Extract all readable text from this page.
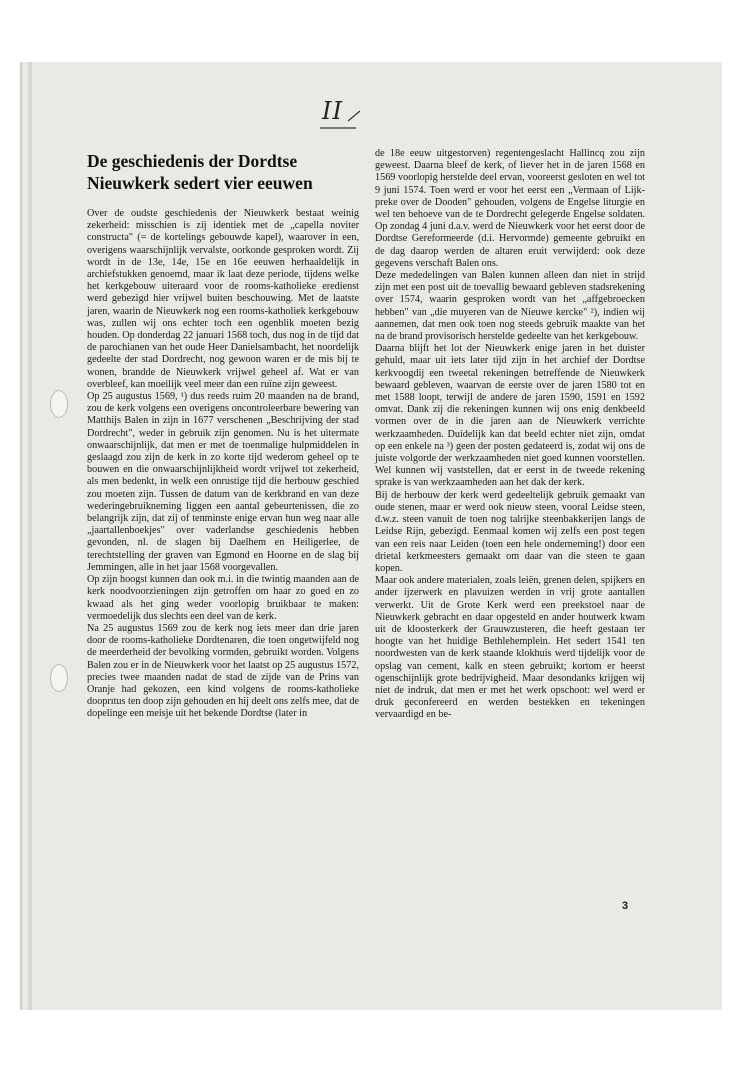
II
De geschiedenis der Dordtse
Nieuwkerk sedert vier eeuwen

Over de oudste geschiedenis der Nieuwkerk bestaat weinig zekerheid: misschien is zij identiek met de „capella noviter constructa" (= de kortelings gebouwde kapel), waarover in een, overigens waarschijnlijk vervalste, oorkonde gesproken wordt. Zij wordt in de 13e, 14e, 15e en 16e eeuwen herhaaldelijk in archiefstukken genoemd, maar ik laat deze periode, tijdens welke het kerkgebouw uiteraard voor de rooms-katholieke eredienst werd gebezigd hier vrijwel buiten beschouwing. Met de laatste jaren, waarin de Nieuwkerk nog een rooms-katholiek kerkgebouw was, zullen wij ons echter toch een ogenblik moeten bezig houden. Op donderdag 22 januari 1568 toch, dus nog in de tijd dat de parochianen van het oude Heer Danielsambacht, het noordelijk gedeelte der stad Dordrecht, nog gewoon waren er de mis bij te wonen, brandde de Nieuwkerk vrijwel geheel af. Wat er van overbleef, kan moeilijk veel meer dan een ruïne zijn geweest.

Op 25 augustus 1569, ¹) dus reeds ruim 20 maanden na de brand, zou de kerk volgens een overigens oncontroleerbare bewering van Matthijs Balen in zijn in 1677 verschenen „Beschrijving der stad Dordrecht", weder in gebruik zijn genomen. Nu is het uitermate onwaarschijnlijk, dat men er met de toenmalige hulpmiddelen in geslaagd zou zijn de kerk in zo korte tijd wederom geheel op te bouwen en die onwaarschijnlijkheid wordt vrijwel tot zekerheid, als men bedenkt, in welk een onrustige tijd die herbouw geschied zou moeten zijn. Tussen de datum van de kerkbrand en van deze wederingebruikneming liggen een aantal gebeurtenissen, die zo belangrijk zijn, dat zij of tenminste enige ervan hun weg naar alle „jaartallenboekjes" over vaderlandse geschiedenis hebben gevonden, nl. de slagen bij Daelhem en Heiligerlee, de terechtstelling der graven van Egmond en Hoorne en de slag bij Jemmingen, alle in het jaar 1568 voorgevallen.

Op zijn hoogst kunnen dan ook m.i. in die twintig maanden aan de kerk noodvoorzieningen zijn getroffen om haar zo goed en zo kwaad als het ging weder voorlopig bruikbaar te maken: vermoedelijk dus slechts een deel van de kerk.

Na 25 augustus 1569 zou de kerk nog iets meer dan drie jaren door de rooms-katholieke Dordtenaren, die toen ongetwijfeld nog de meerderheid der bevolking vormden, gebruikt worden. Volgens Balen zou er in de Nieuwkerk voor het laatst op 25 augustus 1572, precies twee maanden nadat de stad de zijde van de Prins van Oranje had gekozen, een kind volgens de rooms-katholieke dooprıtus ten doop zijn gehouden en hij deelt ons zelfs mee, dat de dopelinge een meisje uit het bekende Dordtse (later in

de 18e eeuw uitgestorven) regentengeslacht Hallincq zou zijn geweest. Daarna bleef de kerk, of liever het in de jaren 1568 en 1569 voorlopig herstelde deel ervan, vooreerst gesloten en wel tot 9 juni 1574. Toen werd er voor het eerst een „Vermaan of Lijk-preke over de Dooden" gehouden, volgens de Engelse liturgie en wel ten behoeve van de te Dordrecht gelegerde Engelse soldaten. Op zondag 4 juni d.a.v. werd de Nieuwkerk voor het eerst door de Dordtse Gereformeerde (d.i. Hervormde) gemeente gebruikt en de dag daarop werden de altaren eruit verwijderd: ook deze gegevens verschaft Balen ons.

Deze mededelingen van Balen kunnen alleen dan niet in strijd zijn met een post uit de toevallig bewaard gebleven stadsrekening over 1574, waarin gesproken wordt van het „affgebroecken hebben" van „die muyeren van de Nieuwe kercke" ²), indien wij aannemen, dat men ook toen nog steeds gebruik maakte van het na de brand provisorisch herstelde gedeelte van het kerkgebouw.

Daarna blijft het lot der Nieuwkerk enige jaren in het duister gehuld, maar uit iets later tijd zijn in het archief der Dordtse kerkvoogdij een tweetal rekeningen betreffende de Nieuwkerk bewaard gebleven, waarvan de eerste over de jaren 1580 tot en met 1588 loopt, terwijl de andere de jaren 1590, 1591 en 1592 omvat. Dank zij die rekeningen kunnen wij ons enig denkbeeld vormen over de in die jaren aan de Nieuwkerk verrichte werkzaamheden. Duidelijk kan dat beeld echter niet zijn, omdat op een enkele na ³) geen der posten gedateerd is, zodat wij ons de juiste volgorde der werkzaamheden niet goed kunnen voorstellen. Wel kunnen wij vaststellen, dat er eerst in de tweede rekening sprake is van werkzaamheden aan het dak der kerk.

Bij de herbouw der kerk werd gedeeltelijk gebruik gemaakt van oude stenen, maar er werd ook nieuw steen, vooral Leidse steen, d.w.z. steen vanuit de toen nog talrijke steenbakkerijen langs de Leidse Rijn, gebezigd. Eenmaal komen wij zelfs een post tegen van een reis naar Leiden (toen een hele onderneming!) door een drietal kerkmeesters gemaakt om daar van die steen te gaan kopen.

Maar ook andere materialen, zoals leiën, grenen delen, spijkers en ander ijzerwerk en plavuizen werden in vrij grote aantallen verwerkt. Uit de Grote Kerk werd een preekstoel naar de Nieuwkerk gebracht en daar opgesteld en ander houtwerk kwam uit de kloosterkerk der Grauwzusteren, die heeft gestaan ter hoogte van het huidige Bethlehemplein. Het sedert 1541 ten noordwesten van de kerk staande klokhuis werd tijdelijk voor de opslag van cement, kalk en steen gebruikt; kortom er heerst ogenschijnlijk grote bedrijvigheid. Maar desondanks krijgen wij niet de indruk, dat men er met het werk opschoot: wel werd er druk geconfereerd en werden bestekken en tekeningen vervaardigd en be-

3
